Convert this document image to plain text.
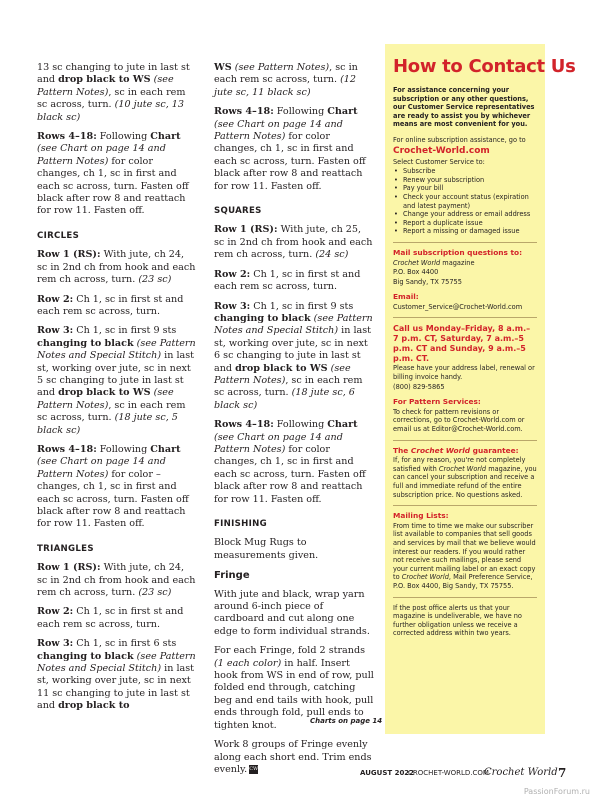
13 sc changing to jute in last st and drop black to WS (see Pattern Notes), sc in each rem sc across, turn. (10 jute sc, 13 black sc)

Rows 4–18: Following Chart (see Chart on page 14 and Pattern Notes) for color changes, ch 1, sc in first and each sc across, turn. Fasten off black after row 8 and reattach for row 11. Fasten off.

CIRCLES

Row 1 (RS): With jute, ch 24, sc in 2nd ch from hook and each rem ch across, turn. (23 sc)

Row 2: Ch 1, sc in first st and each rem sc across, turn.

Row 3: Ch 1, sc in first 9 sts changing to black (see Pattern Notes and Special Stitch) in last st, working over jute, sc in next 5 sc changing to jute in last st and drop black to WS (see Pattern Notes), sc in each rem sc across, turn. (18 jute sc, 5 black sc)

Rows 4–18: Following Chart (see Chart on page 14 and Pattern Notes) for color – changes, ch 1, sc in first and each sc across, turn. Fasten off black after row 8 and reattach for row 11. Fasten off.

TRIANGLES

Row 1 (RS): With jute, ch 24, sc in 2nd ch from hook and each rem ch across, turn. (23 sc)

Row 2: Ch 1, sc in first st and each rem sc across, turn.

Row 3: Ch 1, sc in first 6 sts changing to black (see Pattern Notes and Special Stitch) in last st, working over jute, sc in next 11 sc changing to jute in last st and drop black to

WS (see Pattern Notes), sc in each rem sc across, turn. (12 jute sc, 11 black sc)

Rows 4–18: Following Chart (see Chart on page 14 and Pattern Notes) for color changes, ch 1, sc in first and each sc across, turn. Fasten off black after row 8 and reattach for row 11. Fasten off.

SQUARES

Row 1 (RS): With jute, ch 25, sc in 2nd ch from hook and each rem ch across, turn. (24 sc)

Row 2: Ch 1, sc in first st and each rem sc across, turn.

Row 3: Ch 1, sc in first 9 sts changing to black (see Pattern Notes and Special Stitch) in last st, working over jute, sc in next 6 sc changing to jute in last st and drop black to WS (see Pattern Notes), sc in each rem sc across, turn. (18 jute sc, 6 black sc)

Rows 4–18: Following Chart (see Chart on page 14 and Pattern Notes) for color changes, ch 1, sc in first and each sc across, turn. Fasten off black after row 8 and reattach for row 11. Fasten off.

FINISHING

Block Mug Rugs to measurements given.

Fringe

With jute and black, wrap yarn around 6-inch piece of cardboard and cut along one edge to form individual strands.

For each Fringe, fold 2 strands (1 each color) in half. Insert hook from WS in end of row, pull folded end through, catching beg and end tails with hook, pull ends through fold, pull ends to tighten knot.

Work 8 groups of Fringe evenly along each short end. Trim ends evenly. CW

Charts on page 14
How to Contact Us
For assistance concerning your subscription or any other questions, our Customer Service representatives are ready to assist you by whichever means are most convenient for you.
For online subscription assistance, go to
Crochet-World.com
Select Customer Service to:
• Subscribe
• Renew your subscription
• Pay your bill
• Check your account status (expiration and latest payment)
• Change your address or email address
• Report a duplicate issue
• Report a missing or damaged issue
Mail subscription questions to:
Crochet World magazine
P.O. Box 4400
Big Sandy, TX 75755
Email:
Customer_Service@Crochet-World.com
Call us Monday–Friday, 8 a.m.– 7 p.m. CT, Saturday, 7 a.m.–5 p.m. CT and Sunday, 9 a.m.–5 p.m. CT.
Please have your address label, renewal or billing invoice handy.
(800) 829-5865
For Pattern Services:
To check for pattern revisions or corrections, go to Crochet-World.com or email us at Editor@Crochet-World.com.
The Crochet World guarantee:
If, for any reason, you're not completely satisfied with Crochet World magazine, you can cancel your subscription and receive a full and immediate refund of the entire subscription price. No questions asked.
Mailing Lists:
From time to time we make our subscriber list available to companies that sell goods and services by mail that we believe would interest our readers. If you would rather not receive such mailings, please send your current mailing label or an exact copy to Crochet World, Mail Preference Service, P.O. Box 4400, Big Sandy, TX 75755.
If the post office alerts us that your magazine is undeliverable, we have no further obligation unless we receive a corrected address within two years.
AUGUST 2022
CROCHET-WORLD.COM
Crochet World 7
PassionForum.ru
